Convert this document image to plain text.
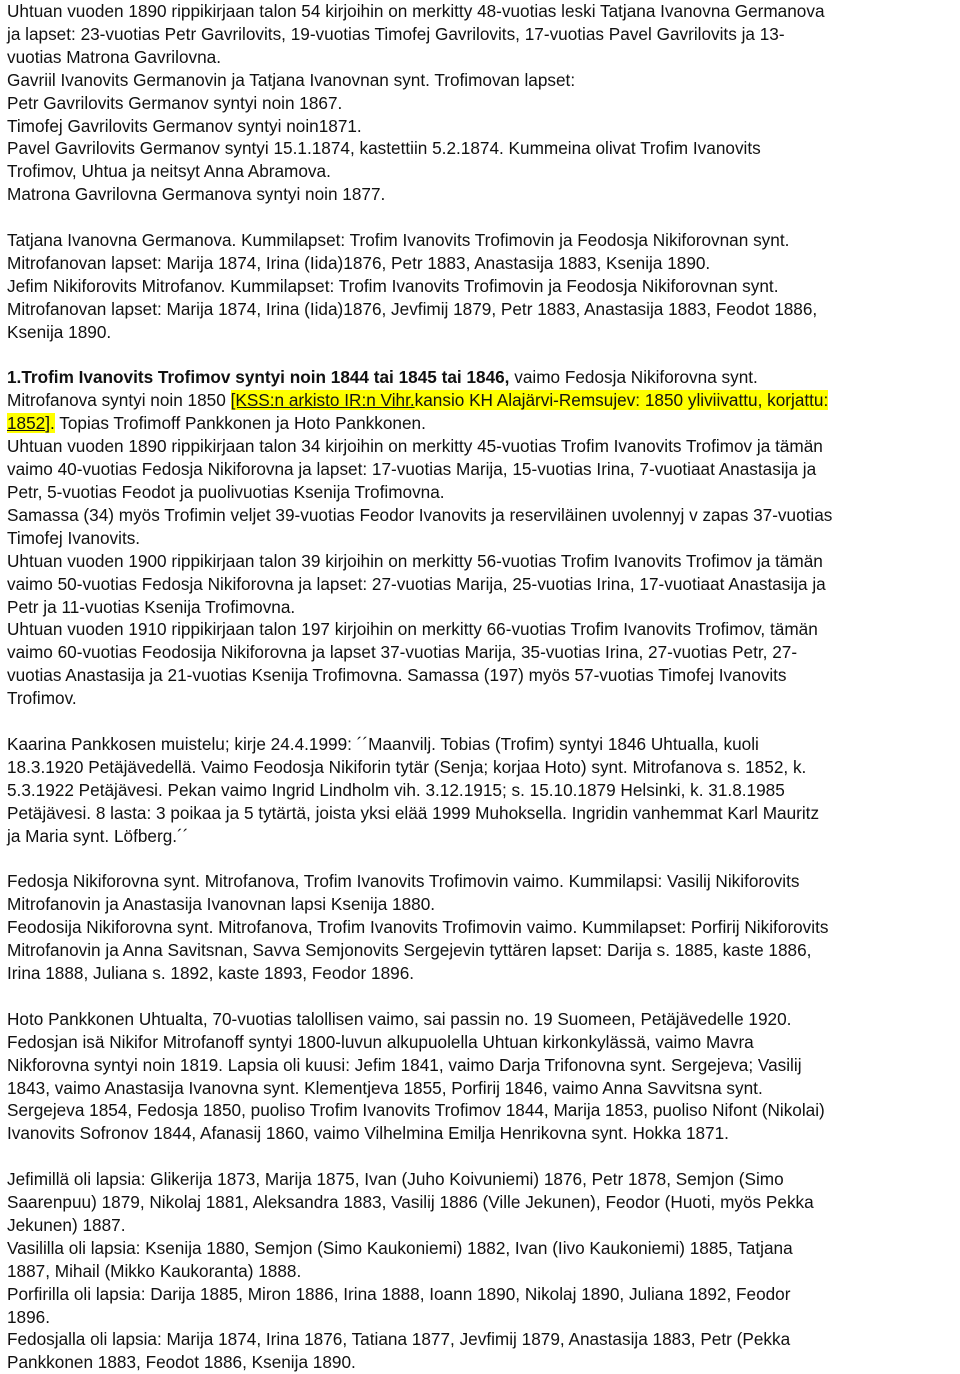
Uhtuan vuoden 1890 rippikirjaan talon 54 kirjoihin on merkitty 48-vuotias leski Tatjana Ivanovna Germanova
ja lapset: 23-vuotias Petr Gavrilovits, 19-vuotias Timofej Gavrilovits, 17-vuotias Pavel Gavrilovits ja 13-
vuotias Matrona Gavrilovna.
Gavriil Ivanovits Germanovin ja Tatjana Ivanovnan synt. Trofimovan lapset:
Petr Gavrilovits Germanov syntyi noin 1867.
Timofej Gavrilovits Germanov syntyi noin1871.
Pavel Gavrilovits Germanov syntyi 15.1.1874, kastettiin 5.2.1874. Kummeina olivat Trofim Ivanovits
Trofimov, Uhtua ja neitsyt Anna Abramova.
Matrona Gavrilovna Germanova syntyi noin 1877.
Tatjana Ivanovna Germanova. Kummilapset: Trofim Ivanovits Trofimovin ja Feodosja Nikiforovnan synt.
Mitrofanovan lapset: Marija 1874, Irina (Iida)1876, Petr 1883, Anastasija 1883, Ksenija 1890.
Jefim Nikiforovits Mitrofanov. Kummilapset: Trofim Ivanovits Trofimovin ja Feodosja Nikiforovnan synt.
Mitrofanovan lapset: Marija 1874, Irina (Iida)1876, Jevfimij 1879, Petr 1883, Anastasija 1883, Feodot 1886,
Ksenija 1890.
1.Trofim Ivanovits Trofimov syntyi noin 1844 tai 1845 tai 1846, vaimo Fedosja Nikiforovna synt.
Mitrofanova syntyi noin 1850 [KSS:n arkisto IR:n Vihr.kansio KH Alajärvi-Remsujev: 1850 yliviivattu, korjattu:
1852]. Topias Trofimoff Pankkonen ja Hoto Pankkonen.
Uhtuan vuoden 1890 rippikirjaan talon 34 kirjoihin on merkitty 45-vuotias Trofim Ivanovits Trofimov ja tämän
vaimo 40-vuotias Fedosja Nikiforovna ja lapset: 17-vuotias Marija, 15-vuotias Irina, 7-vuotiaat Anastasija ja
Petr, 5-vuotias Feodot ja puolivuotias Ksenija Trofimovna.
Samassa (34) myös Trofimin veljet 39-vuotias Feodor Ivanovits ja reserviläinen uvolennyj v zapas 37-vuotias
Timofej Ivanovits.
Uhtuan vuoden 1900 rippikirjaan talon 39 kirjoihin on merkitty 56-vuotias Trofim Ivanovits Trofimov ja tämän
vaimo 50-vuotias Fedosja Nikiforovna ja lapset: 27-vuotias Marija, 25-vuotias Irina, 17-vuotiaat Anastasija ja
Petr ja 11-vuotias Ksenija Trofimovna.
Uhtuan vuoden 1910 rippikirjaan talon 197 kirjoihin on merkitty 66-vuotias Trofim Ivanovits Trofimov, tämän
vaimo 60-vuotias Feodosija Nikiforovna ja lapset 37-vuotias Marija, 35-vuotias Irina, 27-vuotias Petr, 27-
vuotias Anastasija ja 21-vuotias Ksenija Trofimovna. Samassa (197) myös 57-vuotias Timofej Ivanovits
Trofimov.
Kaarina Pankkosen muistelu; kirje 24.4.1999: ´´Maanvilj. Tobias (Trofim) syntyi 1846 Uhtualla, kuoli
18.3.1920 Petäjävedellä. Vaimo Feodosja Nikiforin tytär (Senja; korjaa Hoto) synt. Mitrofanova s. 1852, k.
5.3.1922 Petäjävesi. Pekan vaimo Ingrid Lindholm vih. 3.12.1915; s. 15.10.1879 Helsinki, k. 31.8.1985
Petäjävesi. 8 lasta: 3 poikaa ja 5 tytärtä, joista yksi elää 1999 Muhoksella. Ingridin vanhemmat Karl Mauritz
ja Maria synt. Löfberg.´´
Fedosja Nikiforovna synt. Mitrofanova, Trofim Ivanovits Trofimovin vaimo. Kummilapsi: Vasilij Nikiforovits
Mitrofanovin ja Anastasija Ivanovnan lapsi Ksenija 1880.
Feodosija Nikiforovna synt. Mitrofanova, Trofim Ivanovits Trofimovin vaimo. Kummilapset: Porfirij Nikiforovits
Mitrofanovin ja Anna Savitsnan, Savva Semjonovits Sergejevin tyttären lapset: Darija s. 1885, kaste 1886,
Irina 1888, Juliana s. 1892, kaste 1893, Feodor 1896.
Hoto Pankkonen Uhtualta, 70-vuotias talollisen vaimo, sai passin no. 19 Suomeen, Petäjävedelle 1920.
Fedosjan isä Nikifor Mitrofanoff syntyi 1800-luvun alkupuolella Uhtuan kirkonkylässä, vaimo Mavra
Nikforovna syntyi noin 1819. Lapsia oli kuusi: Jefim 1841, vaimo Darja Trifonovna synt. Sergejeva; Vasilij
1843, vaimo Anastasija Ivanovna synt. Klementjeva 1855, Porfirij 1846, vaimo Anna Savvitsna synt.
Sergejeva 1854, Fedosja 1850, puoliso Trofim Ivanovits Trofimov 1844, Marija 1853, puoliso Nifont (Nikolai)
Ivanovits Sofronov 1844, Afanasij 1860, vaimo Vilhelmina Emilja Henrikovna synt. Hokka 1871.
Jefimillä oli lapsia: Glikerija 1873, Marija 1875, Ivan (Juho Koivuniemi) 1876, Petr 1878, Semjon (Simo
Saarenpuu) 1879, Nikolaj 1881, Aleksandra 1883, Vasilij 1886 (Ville Jekunen), Feodor (Huoti, myös Pekka
Jekunen) 1887.
Vasililla oli lapsia: Ksenija 1880, Semjon (Simo Kaukoniemi) 1882, Ivan (Iivo Kaukoniemi) 1885, Tatjana
1887, Mihail (Mikko Kaukoranta) 1888.
Porfirilla oli lapsia: Darija 1885, Miron 1886, Irina 1888, Ioann 1890, Nikolaj 1890, Juliana 1892, Feodor
1896.
Fedosjalla oli lapsia: Marija 1874, Irina 1876, Tatiana 1877, Jevfimij 1879, Anastasija 1883, Petr (Pekka
Pankkonen 1883, Feodot 1886, Ksenija 1890.
